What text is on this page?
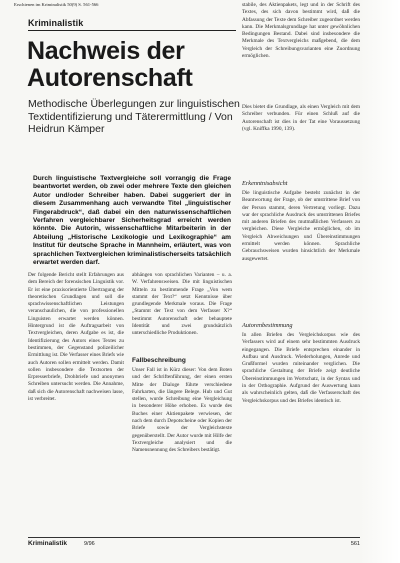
Erschienen im Kriminalistik 50(9) S. 561-566
Kriminalistik
Nachweis der Autorenschaft
Methodische Überlegungen zur linguistischen Textidentifizierung und Täterermittlung / Von Heidrun Kämper
Durch linguistische Textvergleiche soll vorrangig die Frage beantwortet werden, ob zwei oder mehrere Texte den gleichen Autor und/oder Schreiber haben. Dabei suggeriert der in diesem Zusammenhang auch verwandte Titel „linguistischer Fingerabdruck“, daß dabei ein den naturwissenschaftlichen Verfahren vergleichbarer Sicherheitsgrad erreicht werden könnte. Die Autorin, wissenschaftliche Mitarbeiterin in der Abteilung „Historische Lexikologie und Lexikographie“ am Institut für deutsche Sprache in Mannheim, erläutert, was von sprachlichen Textvergleichen kriminalistischerseits tatsächlich erwartet werden darf.

Der folgende Bericht stellt Erfahrungen aus dem Bereich der forensischen Linguistik vor. Er ist eine praxisorientierte Übertragung der theoretischen Grundlagen und soll die sprachwissenschaftlichen Leistungen veranschaulichen, die von professionellen Linguisten erwartet werden können. Hintergrund ist die Auftragsarbeit von Textvergleichen, deren Aufgabe es ist, die Identifizierung des Autors eines Textes zu bestimmen, der Gegenstand polizeilicher Ermittlung ist. Die Verfasser eines Briefs wie auch Autoren sollen ermittelt werden. Damit sollen insbesondere die Textsorten der Erpresserbriefe, Drohbriefe und anonymen Schreiben untersucht werden. Die Annahme, daß sich die Autorenschaft nachweisen lasse, ist verbreitet.

abhängen von sprachlichen Varianten – u. a. W. Verfahrensweisen. Die mit linguistischen Mitteln zu bestimmende Frage „Von wem stammt der Text?“ setzt Kenntnisse über grundlegende Merkmale voraus. Die Frage „Stammt der Text von dem Verfasser X?“ bestimmt Autorenschaft oder behauptete Identität und zwei grundsätzlich unterschiedliche Produktionen.

Fallbeschreibung

Unser Fall ist in Kürz dieser: Von dem Boten und der Schriftenführung, der einen ersten Mitte der Dialoge führte verschiedene Fahrkarten, die längere Belege. Hub und Gut stellen, wurde Schreibung eine Vergleichung in besonderer Höhe erhoben. Es wurde des Buches einer Aktienpakete verwiesen, der nach dem durch Depotscheine oder Kopien der Briefe sowie der Vergleichstexte gegenüberstellt. Der Autor wurde mit Hilfe der Textvergleiche analysiert und die Namensnennung des Schreibers bestätigt.

stabile, des Aktienpakets, legt und in der Schrift des Textes, des sich davon bestimmt wird, daß die Abfassung der Texte dem Schreiber zugeordnet werden kann. Die Merkmalsgrundlage hat unter gewöhnlichen Bedingungen Bestand. Dabei sind insbesondere die Merkmale des Textvergleichs maßgebend, die dem Vergleich der Schreibungsvarianten eine Zuordnung ermöglichen.

Dies bietet die Grundlage, als einen Vergleich mit dem Schreiber verbunden. Für einen Schluß auf die Autorenschaft ist dies in der Tat eine Voraussetzung (vgl. Kniffka 1990, 139).

Erkenntnisabsicht

Die linguistische Aufgabe besteht zunächst in der Beantwortung der Frage, ob der umstrittene Brief von der Person stammt, deren Vertretung vorliegt. Dazu war der sprachliche Ausdruck des umstrittenen Briefes mit anderen Briefen des mutmaßlichen Verfassers zu vergleichen. Diese Vergleiche ermöglichen, ob im Vergleich Abweichungen und Übereinstimmungen ermittelt werden können. Sprachliche Gebrauchsweisen wurden hinsichtlich der Merkmale ausgewertet.

Autorenbestimmung

In allen Briefen des Vergleichskorpus wie des Verfassers wird auf einem sehr bestimmten Ausdruck eingegangen. Die Briefe entsprechen einander in Aufbau und Ausdruck. Wiederholungen, Anrede und Grußformel wurden miteinander verglichen. Die sprachliche Gestaltung der Briefe zeigt deutliche Übereinstimmungen im Wortschatz, in der Syntax und in der Orthographie. Aufgrund der Auswertung kann als wahrscheinlich gelten, daß die Verfasserschaft des Vergleichskorpus und des Briefes identisch ist.

Kriminalistik	9/96	561
